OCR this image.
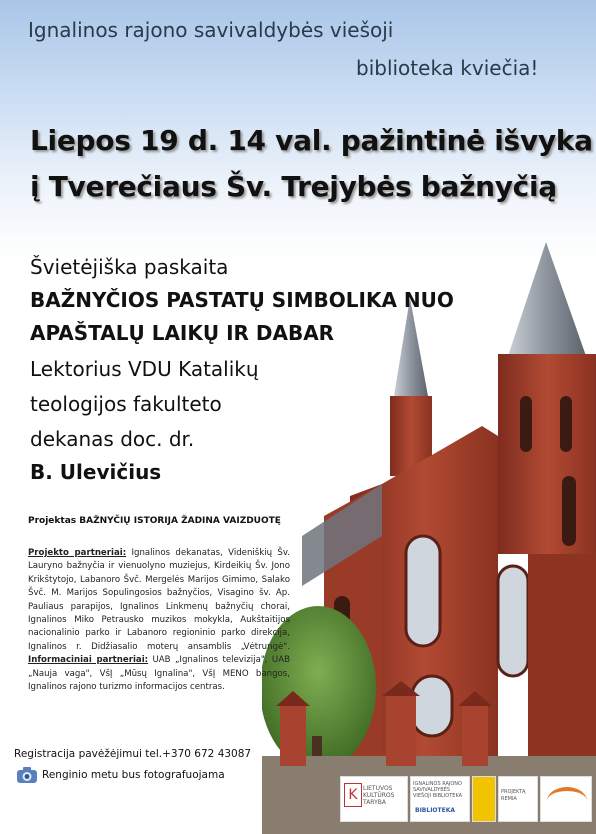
Ignalinos rajono savivaldybės viešoji
biblioteka kviečia!
Liepos 19 d. 14 val. pažintinė išvyka
į Tverečiaus Šv. Trejybės bažnyčią
Švietėjiška paskaita
BAŽNYČIOS PASTATŲ SIMBOLIKA NUO
APAŠTALŲ LAIKŲ IR DABAR
Lektorius VDU Katalikų
teologijos fakulteto
dekanas doc. dr.
B. Ulevičius
Projektas BAŽNYČIŲ ISTORIJA ŽADINA VAIZDUOTĘ
Projekto partneriai: Ignalinos dekanatas, Videniškių Šv. Lauryno bažnyčia ir vienuolyno muziejus, Kirdeikių Šv. Jono Krikštytojo, Labanoro Švč. Mergelės Marijos Gimimo, Salako Švč. M. Marijos Sopulingosios bažnyčios, Visagino šv. Ap. Pauliaus parapijos, Ignalinos Linkmenų bažnyčių chorai, Ignalinos Miko Petrausko muzikos mokykla, Aukštaitijos nacionalinio parko ir Labanoro regioninio parko direkcija, Ignalinos r. Didžiasalio moterų ansamblis „Vėtrungė". Informaciniai partneriai: UAB „Ignalinos televizija", UAB „Nauja vaga", VšĮ „Mūsų Ignalina", VšĮ MENO bangos, Ignalinos rajono turizmo informacijos centras.
Registracija pavėžėjimui tel.+370 672 43087
Renginio metu bus fotografuojama
K LIETUVOS KULTŪROS TARYBA
IGNALINOS RAJONO SAVIVALDYBĖS VIEŠOJI BIBLIOTEKA
BIBLIOTEKA
PROJEKTĄ REMIA
